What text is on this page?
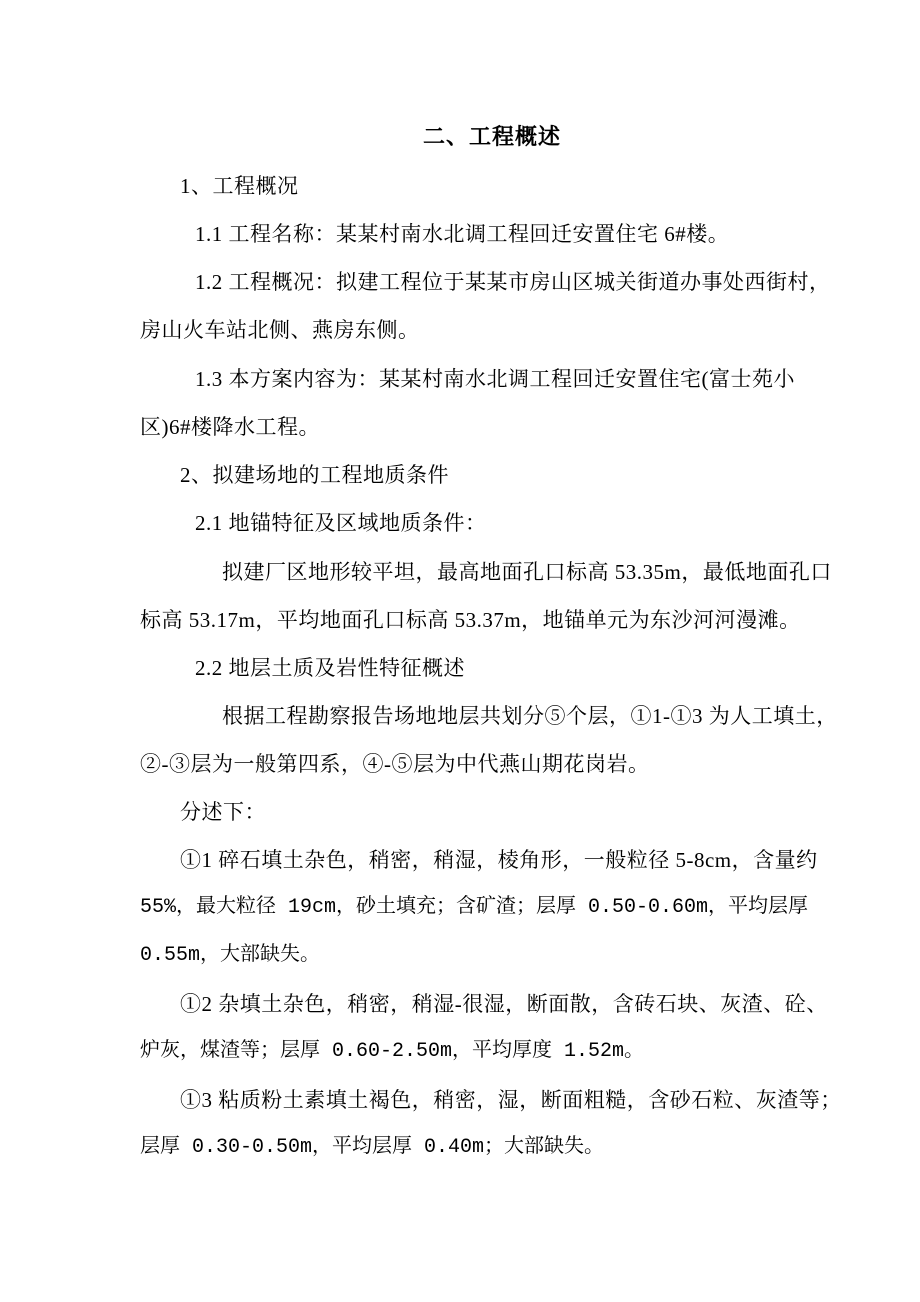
二、工程概述
1、工程概况
1.1 工程名称：某某村南水北调工程回迁安置住宅 6#楼。
1.2 工程概况：拟建工程位于某某市房山区城关街道办事处西街村，
房山火车站北侧、燕房东侧。
1.3 本方案内容为：某某村南水北调工程回迁安置住宅(富士苑小
区)6#楼降水工程。
2、拟建场地的工程地质条件
2.1 地锚特征及区域地质条件：
拟建厂区地形较平坦，最高地面孔口标高 53.35m，最低地面孔口
标高 53.17m，平均地面孔口标高 53.37m，地锚单元为东沙河河漫滩。
2.2 地层土质及岩性特征概述
根据工程勘察报告场地地层共划分⑤个层，①1-①3 为人工填土，
②-③层为一般第四系，④-⑤层为中代燕山期花岗岩。
分述下：
①1 碎石填土杂色，稍密，稍湿，棱角形，一般粒径 5-8cm，含量约
55%，最大粒径 19cm，砂土填充；含矿渣；层厚 0.50-0.60m，平均层厚
0.55m，大部缺失。
①2 杂填土杂色，稍密，稍湿-很湿，断面散，含砖石块、灰渣、砼、
炉灰，煤渣等；层厚 0.60-2.50m，平均厚度 1.52m。
①3 粘质粉土素填土褐色，稍密，湿，断面粗糙，含砂石粒、灰渣等；
层厚 0.30-0.50m，平均层厚 0.40m；大部缺失。
